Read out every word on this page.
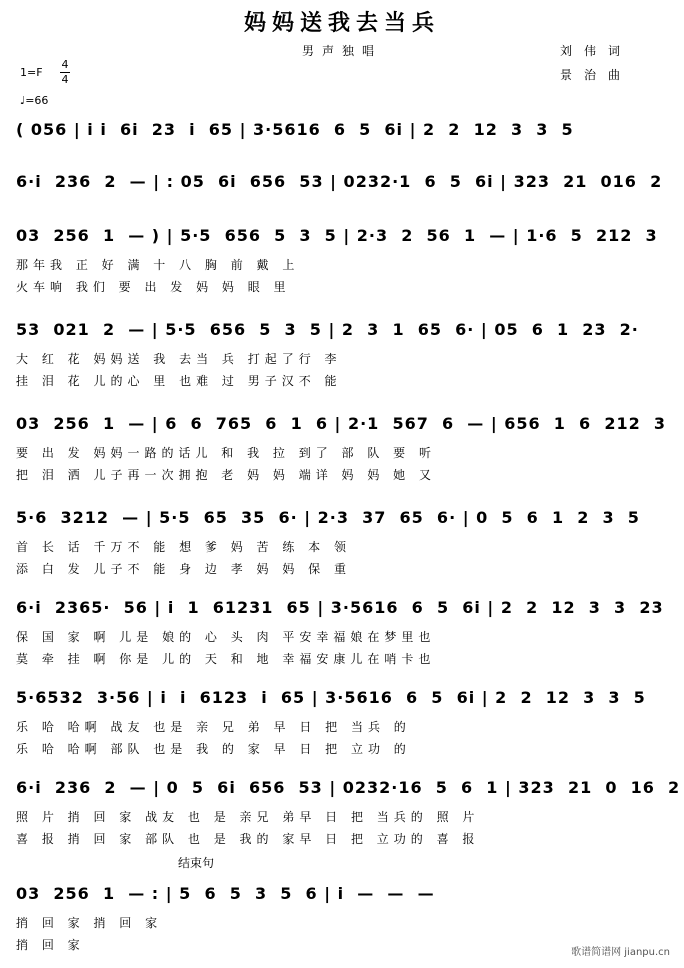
妈妈送我去当兵
男声独唱	刘伟词
景治曲
1=F
4
4
♩=66
( 056 | i i  6i  23  i  65 | 3·5616  6  5  6i | 2  2  12  3  3  5
6·i  236  2  — | : 05  6i  656  53 | 0232·1  6  5  6i | 323  21  016  2
03  256  1  — ) | 5·5  656  5  3  5 | 2·3  2  56  1  — | 1·6  5  212  3
那年我 正 好 满 十 八 胸 前 戴 上
火车响 我们 要 出 发 妈 妈 眼 里
53  021  2  — | 5·5  656  5  3  5 | 2  3  1  65  6· | 05  6  1  23  2·
大 红 花 妈妈送 我 去当 兵 打起了行 李
挂 泪 花 儿的心 里 也难 过 男子汉不 能
03  256  1  — | 6  6  765  6  1  6 | 2·1  567  6  — | 656  1  6  212  3
要 出 发 妈妈一路的话儿 和 我 拉 到了 部 队 要 听
把 泪 洒 儿子再一次拥抱 老 妈 妈 端详 妈 妈 她 又
5·6  3212  — | 5·5  65  35  6· | 2·3  37  65  6· | 0  5  6  1  2  3  5
首 长 话 千万不 能 想 爹 妈 苦 练 本 领
添 白 发 儿子不 能 身 边 孝 妈 妈 保 重
6·i  2365·  56 | i  1  61231  65 | 3·5616  6  5  6i | 2  2  12  3  3  23
保 国 家 啊 儿是 娘的 心 头 肉 平安幸福娘在梦里也
莫 牵 挂 啊 你是 儿的 天 和 地 幸福安康儿在哨卡也
5·6532  3·56 | i  i  6123  i  65 | 3·5616  6  5  6i | 2  2  12  3  3  5
乐 哈 哈啊 战友 也是 亲 兄 弟 早 日 把 当兵 的
乐 哈 哈啊 部队 也是 我 的 家 早 日 把 立功 的
6·i  236  2  — | 0  5  6i  656  53 | 0232·16  5  6  1 | 323  21  0  16  2
照 片 捎 回 家 战友 也 是 亲兄 弟早 日 把 当兵的 照 片
喜 报 捎 回 家 部队 也 是 我的 家早 日 把 立功的 喜 报
03  256  1  — : | 5  6  5  3  5  6 | i  —  —  —
捎 回 家 捎 回 家
捎 回 家
结束句
歌谱简谱网 jianpu.cn
